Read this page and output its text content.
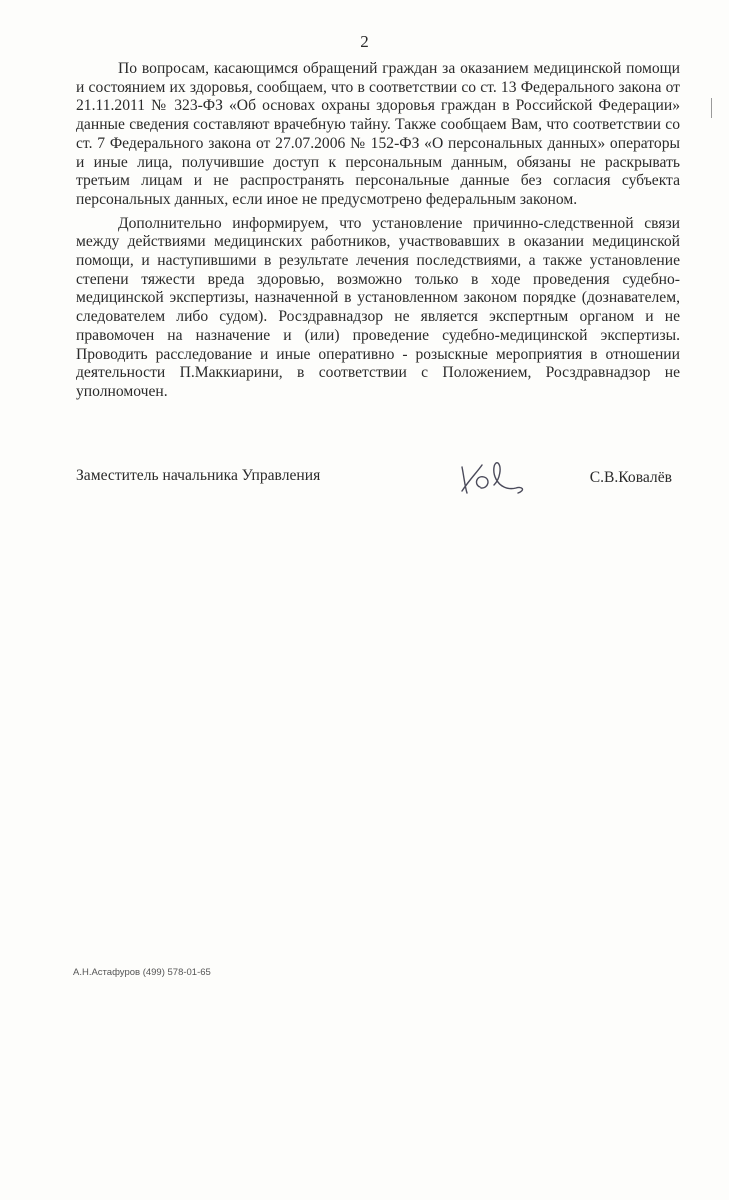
2

По вопросам, касающимся обращений граждан за оказанием медицинской помощи и состоянием их здоровья, сообщаем, что в соответствии со ст. 13 Федерального закона от 21.11.2011 № 323-ФЗ «Об основах охраны здоровья граждан в Российской Федерации» данные сведения составляют врачебную тайну. Также сообщаем Вам, что соответствии со ст. 7 Федерального закона от 27.07.2006 № 152-ФЗ «О персональных данных» операторы и иные лица, получившие доступ к персональным данным, обязаны не раскрывать третьим лицам и не распространять персональные данные без согласия субъекта персональных данных, если иное не предусмотрено федеральным законом.

Дополнительно информируем, что установление причинно-следственной связи между действиями медицинских работников, участвовавших в оказании медицинской помощи, и наступившими в результате лечения последствиями, а также установление степени тяжести вреда здоровью, возможно только в ходе проведения судебно-медицинской экспертизы, назначенной в установленном законом порядке (дознавателем, следователем либо судом). Росздравнадзор не является экспертным органом и не правомочен на назначение и (или) проведение судебно-медицинской экспертизы. Проводить расследование и иные оперативно - розыскные мероприятия в отношении деятельности П.Маккиарини, в соответствии с Положением, Росздравнадзор не уполномочен.

Заместитель начальника Управления	С.В.Ковалёв
А.Н.Астафуров (499) 578-01-65
